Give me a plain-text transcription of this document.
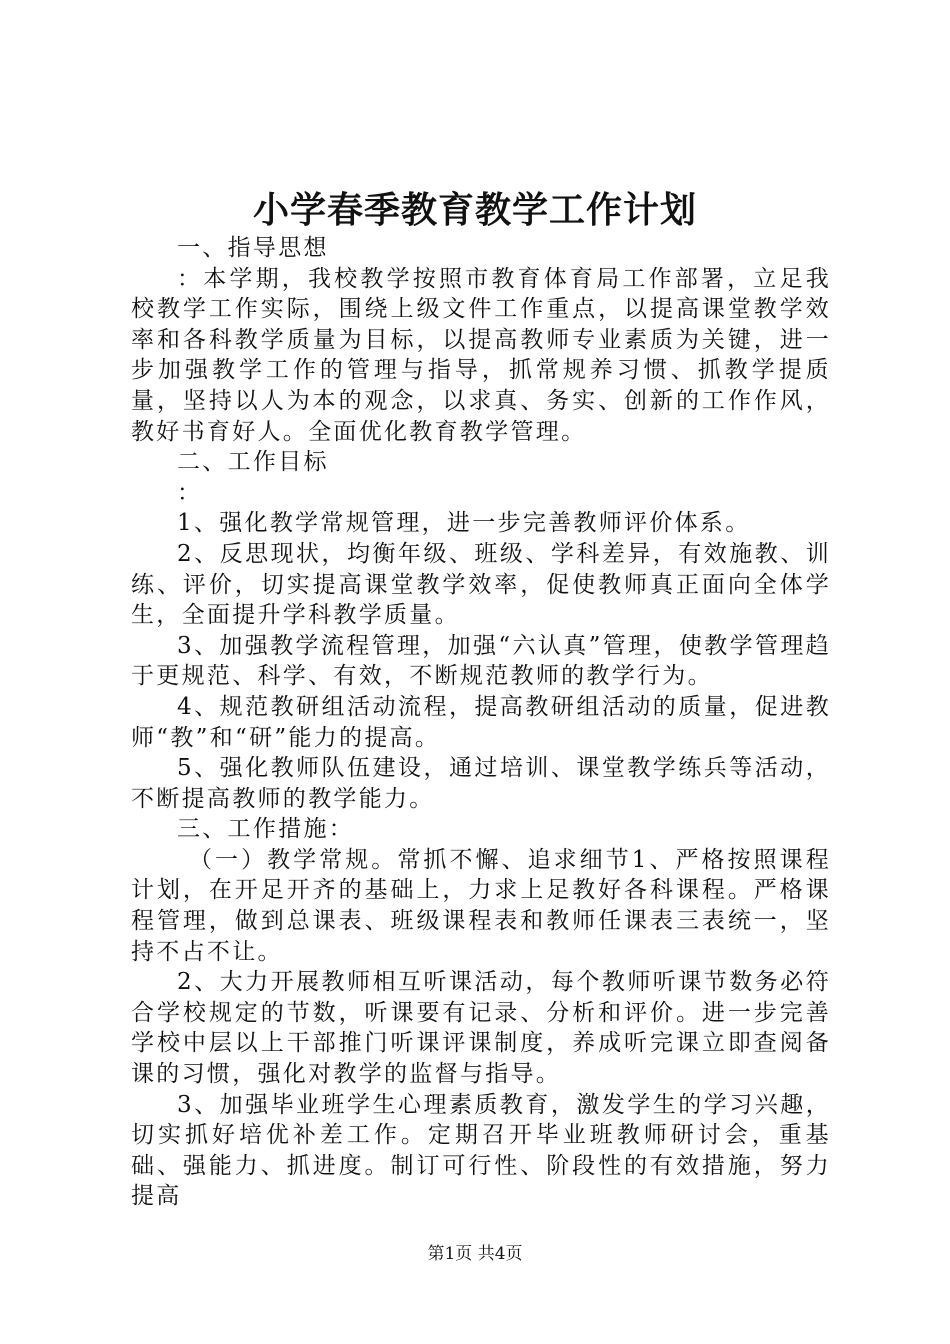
小学春季教育教学工作计划

一、指导思想

：本学期，我校教学按照市教育体育局工作部署，立足我校教学工作实际，围绕上级文件工作重点，以提高课堂教学效率和各科教学质量为目标，以提高教师专业素质为关键，进一步加强教学工作的管理与指导，抓常规养习惯、抓教学提质量，坚持以人为本的观念，以求真、务实、创新的工作作风，教好书育好人。全面优化教育教学管理。

二、工作目标

：

1、强化教学常规管理，进一步完善教师评价体系。

2、反思现状，均衡年级、班级、学科差异，有效施教、训练、评价，切实提高课堂教学效率，促使教师真正面向全体学生，全面提升学科教学质量。

3、加强教学流程管理，加强“六认真”管理，使教学管理趋于更规范、科学、有效，不断规范教师的教学行为。

4、规范教研组活动流程，提高教研组活动的质量，促进教师“教”和“研”能力的提高。

5、强化教师队伍建设，通过培训、课堂教学练兵等活动，不断提高教师的教学能力。

三、工作措施：

（一）教学常规。常抓不懈、追求细节1、严格按照课程计划，在开足开齐的基础上，力求上足教好各科课程。严格课程管理，做到总课表、班级课程表和教师任课表三表统一，坚持不占不让。

2、大力开展教师相互听课活动，每个教师听课节数务必符合学校规定的节数，听课要有记录、分析和评价。进一步完善学校中层以上干部推门听课评课制度，养成听完课立即查阅备课的习惯，强化对教学的监督与指导。

3、加强毕业班学生心理素质教育，激发学生的学习兴趣，切实抓好培优补差工作。定期召开毕业班教师研讨会，重基础、强能力、抓进度。制订可行性、阶段性的有效措施，努力提高

第1页 共4页
